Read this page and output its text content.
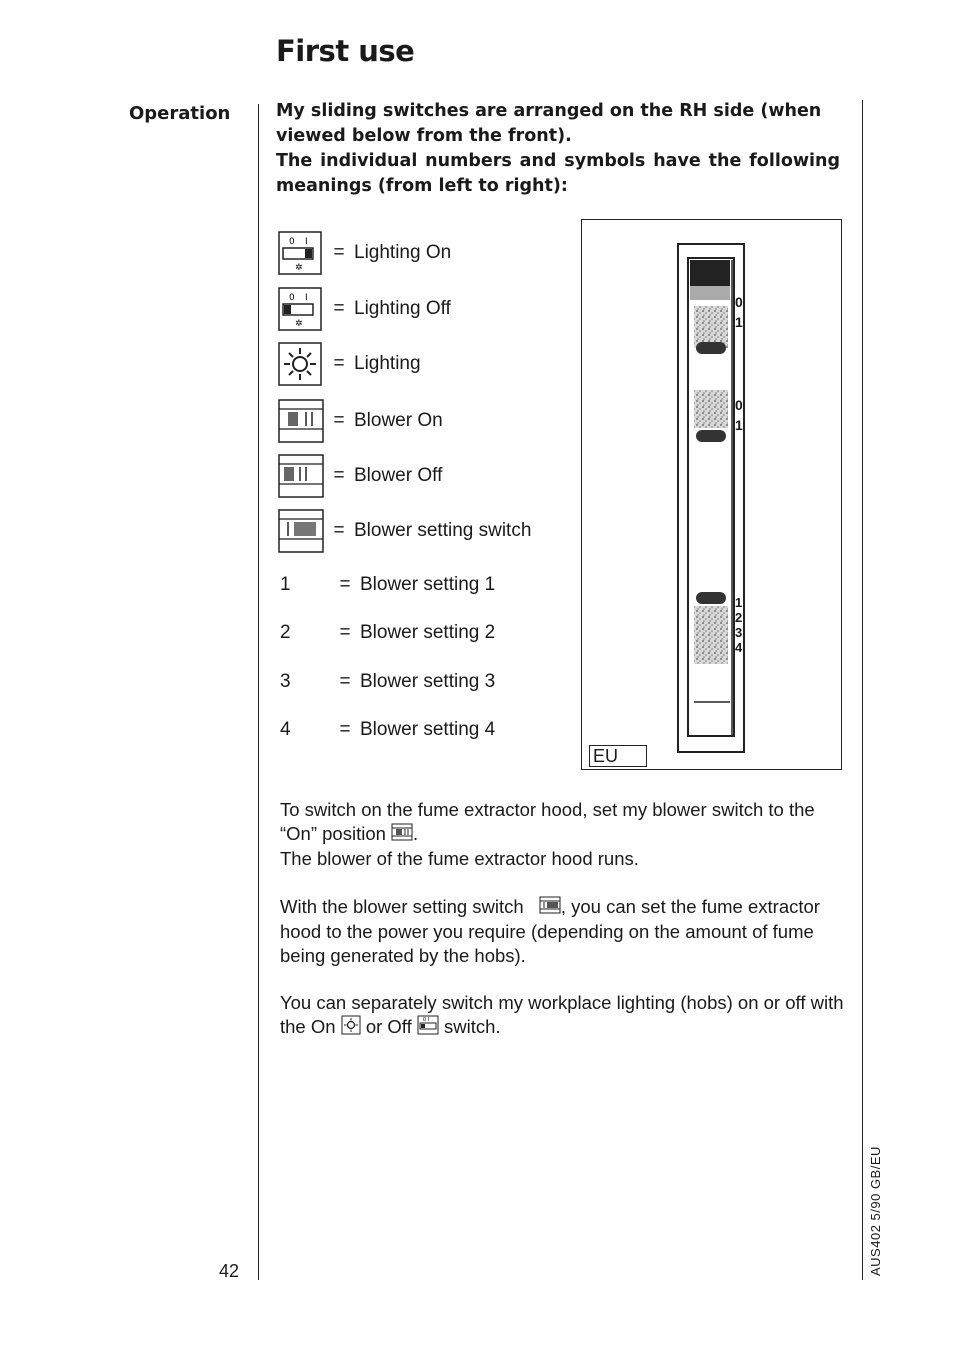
First use
Operation	My sliding switches are arranged on the RH side (when viewed below from the front).

The individual numbers and symbols have the following

meanings (from left to right):

0 I
✲
= Lighting On
0 I
✲
= Lighting Off
= Lighting
= Blower On
= Blower Off
= Blower setting switch
1	= Blower setting 1
2	= Blower setting 2
3	= Blower setting 3
4	= Blower setting 4
0
1
0
1
1
2
3
4
EU

To switch on the fume extractor hood, set my blower switch to the “On” position .

The blower of the fume extractor hood runs.

With the blower setting switch , you can set the fume extractor hood to the power you require (depending on the amount of fume being generated by the hobs).

You can separately switch my workplace lighting (hobs) on or off with the On or Off 0 I switch.

42	AUS402 5/90 GB/EU
